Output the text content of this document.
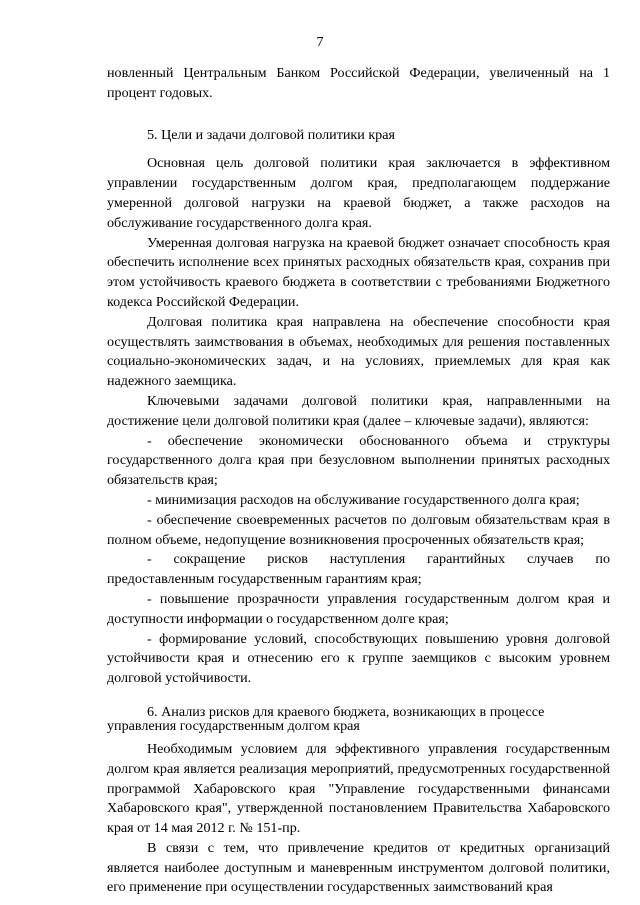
7

новленный Центральным Банком Российской Федерации, увеличенный на 1 процент годовых.

5. Цели и задачи долговой политики края

Основная цель долговой политики края заключается в эффективном управлении государственным долгом края, предполагающем поддержание умеренной долговой нагрузки на краевой бюджет, а также расходов на обслуживание государственного долга края.

Умеренная долговая нагрузка на краевой бюджет означает способность края обеспечить исполнение всех принятых расходных обязательств края, сохранив при этом устойчивость краевого бюджета в соответствии с требованиями Бюджетного кодекса Российской Федерации.

Долговая политика края направлена на обеспечение способности края осуществлять заимствования в объемах, необходимых для решения поставленных социально-экономических задач, и на условиях, приемлемых для края как надежного заемщика.

Ключевыми задачами долговой политики края, направленными на достижение цели долговой политики края (далее – ключевые задачи), являются:

- обеспечение экономически обоснованного объема и структуры государственного долга края при безусловном выполнении принятых расходных обязательств края;

- минимизация расходов на обслуживание государственного долга края;

- обеспечение своевременных расчетов по долговым обязательствам края в полном объеме, недопущение возникновения просроченных обязательств края;

- сокращение рисков наступления гарантийных случаев по предоставленным государственным гарантиям края;

- повышение прозрачности управления государственным долгом края и доступности информации о государственном долге края;

- формирование условий, способствующих повышению уровня долговой устойчивости края и отнесению его к группе заемщиков с высоким уровнем долговой устойчивости.

6. Анализ рисков для краевого бюджета, возникающих в процессе управления государственным долгом края

Необходимым условием для эффективного управления государственным долгом края является реализация мероприятий, предусмотренных государственной программой Хабаровского края "Управление государственными финансами Хабаровского края", утвержденной постановлением Правительства Хабаровского края от 14 мая 2012 г. № 151-пр.

В связи с тем, что привлечение кредитов от кредитных организаций является наиболее доступным и маневренным инструментом долговой политики, его применение при осуществлении государственных заимствований края
